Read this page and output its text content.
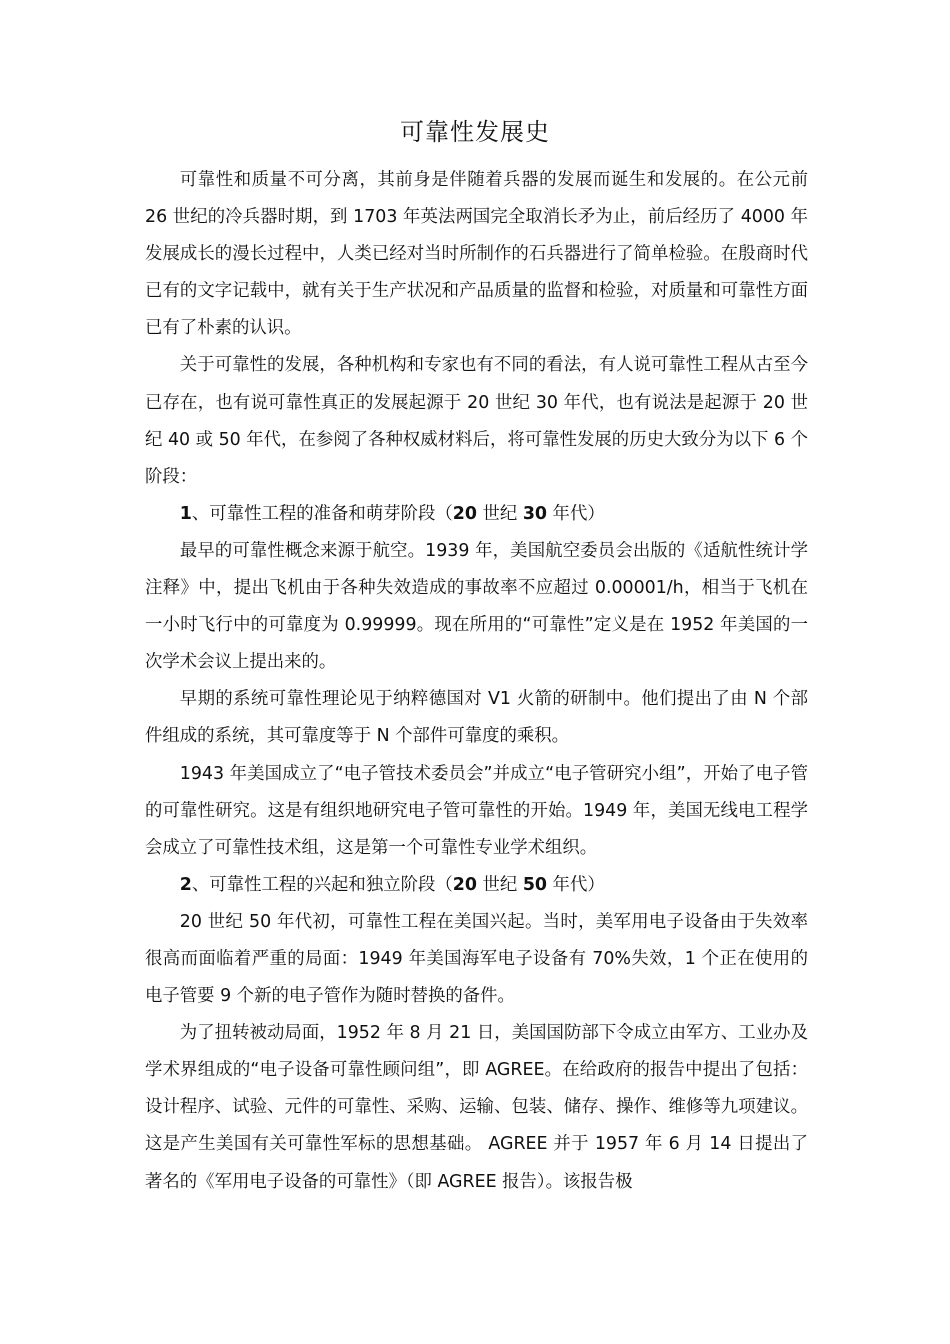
可靠性发展史

可靠性和质量不可分离，其前身是伴随着兵器的发展而诞生和发展的。在公元前 26 世纪的冷兵器时期，到 1703 年英法两国完全取消长矛为止，前后经历了 4000 年发展成长的漫长过程中，人类已经对当时所制作的石兵器进行了简单检验。在殷商时代已有的文字记载中，就有关于生产状况和产品质量的监督和检验，对质量和可靠性方面已有了朴素的认识。

关于可靠性的发展，各种机构和专家也有不同的看法，有人说可靠性工程从古至今已存在，也有说可靠性真正的发展起源于 20 世纪 30 年代，也有说法是起源于 20 世纪 40 或 50 年代，在参阅了各种权威材料后，将可靠性发展的历史大致分为以下 6 个阶段：

1、可靠性工程的准备和萌芽阶段（20 世纪 30 年代）

最早的可靠性概念来源于航空。1939 年，美国航空委员会出版的《适航性统计学注释》中，提出飞机由于各种失效造成的事故率不应超过 0.00001/h，相当于飞机在一小时飞行中的可靠度为 0.99999。现在所用的“可靠性”定义是在 1952 年美国的一次学术会议上提出来的。

早期的系统可靠性理论见于纳粹德国对 V1 火箭的研制中。他们提出了由 N 个部件组成的系统，其可靠度等于 N 个部件可靠度的乘积。

1943 年美国成立了“电子管技术委员会”并成立“电子管研究小组”，开始了电子管的可靠性研究。这是有组织地研究电子管可靠性的开始。1949 年，美国无线电工程学会成立了可靠性技术组，这是第一个可靠性专业学术组织。

2、可靠性工程的兴起和独立阶段（20 世纪 50 年代）

20 世纪 50 年代初，可靠性工程在美国兴起。当时，美军用电子设备由于失效率很高而面临着严重的局面：1949 年美国海军电子设备有 70%失效，1 个正在使用的电子管要 9 个新的电子管作为随时替换的备件。

为了扭转被动局面，1952 年 8 月 21 日，美国国防部下令成立由军方、工业办及学术界组成的“电子设备可靠性顾问组”，即 AGREE。在给政府的报告中提出了包括：设计程序、试验、元件的可靠性、采购、运输、包装、储存、操作、维修等九项建议。这是产生美国有关可靠性军标的思想基础。 AGREE 并于 1957 年 6 月 14 日提出了著名的《军用电子设备的可靠性》（即 AGREE 报告）。该报告极
